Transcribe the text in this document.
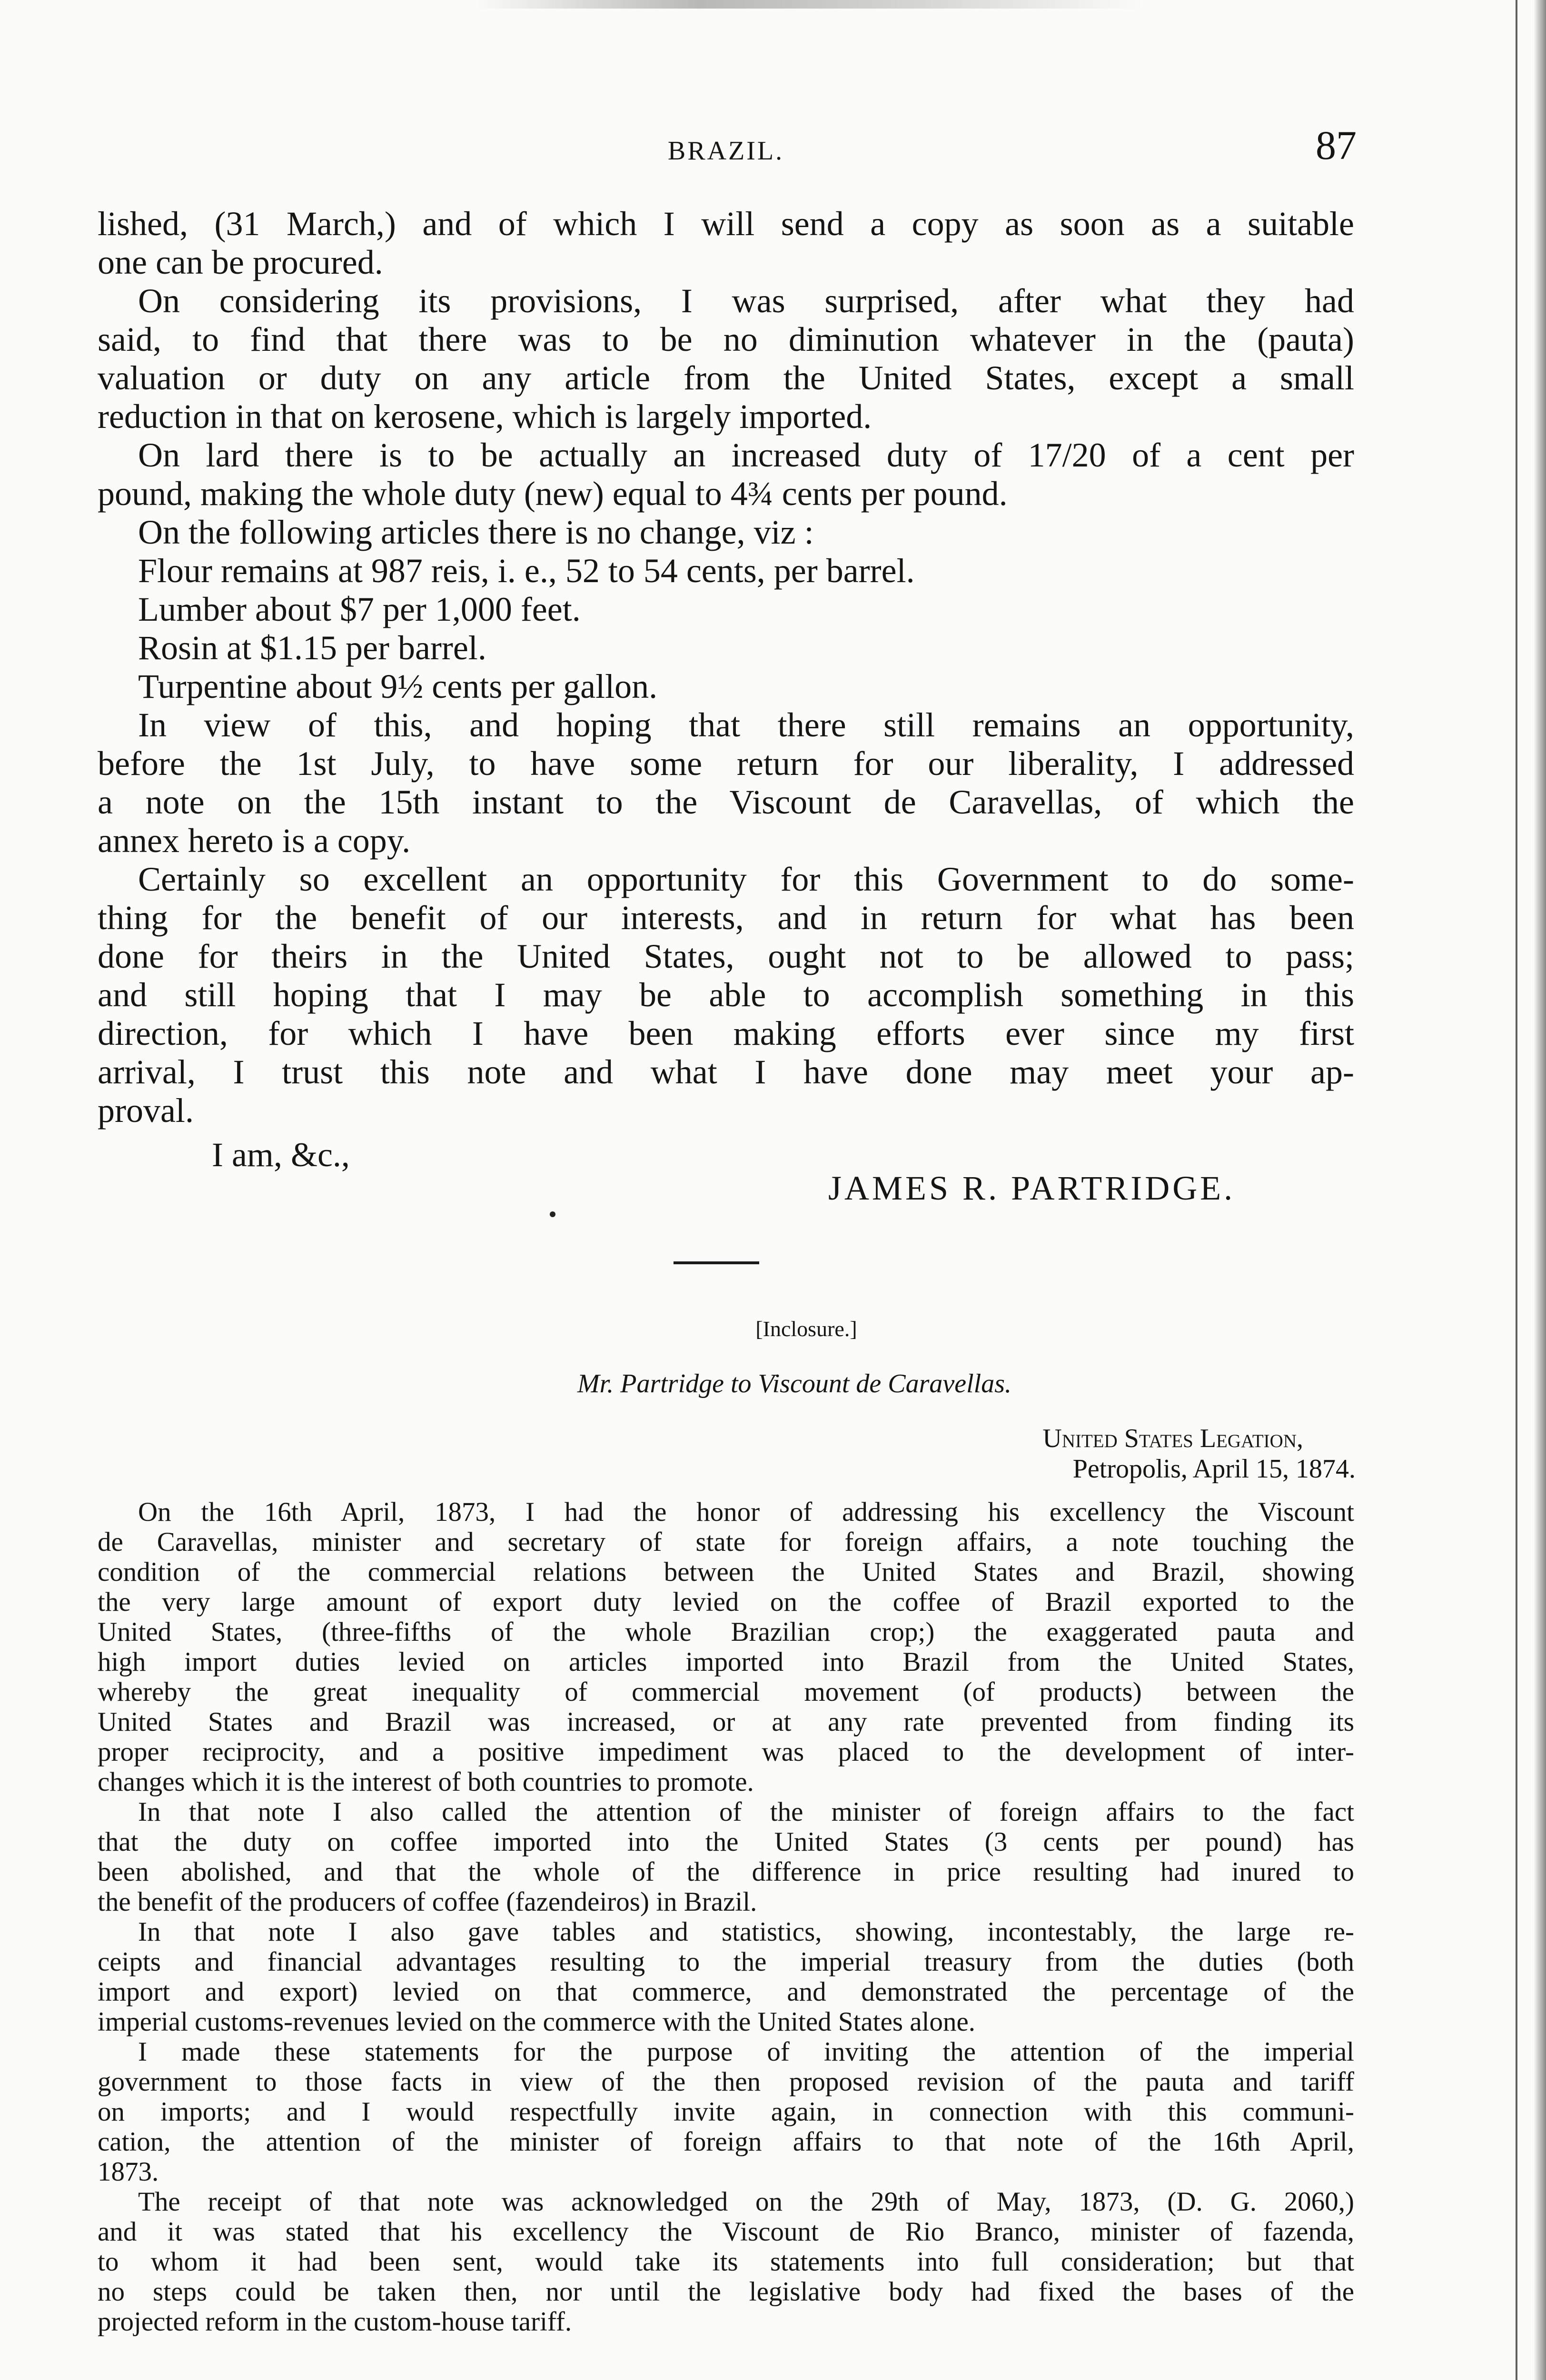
BRAZIL.	87
lished, (31 March,) and of which I will send a copy as soon as a suitable
one can be procured.
On considering its provisions, I was surprised, after what they had
said, to find that there was to be no diminution whatever in the (pauta)
valuation or duty on any article from the United States, except a small
reduction in that on kerosene, which is largely imported.
On lard there is to be actually an increased duty of 17/20 of a cent per
pound, making the whole duty (new) equal to 4¾ cents per pound.
On the following articles there is no change, viz :
Flour remains at 987 reis, i. e., 52 to 54 cents, per barrel.
Lumber about $7 per 1,000 feet.
Rosin at $1.15 per barrel.
Turpentine about 9½ cents per gallon.
In view of this, and hoping that there still remains an opportunity,
before the 1st July, to have some return for our liberality, I addressed
a note on the 15th instant to the Viscount de Caravellas, of which the
annex hereto is a copy.
Certainly so excellent an opportunity for this Government to do some-
thing for the benefit of our interests, and in return for what has been
done for theirs in the United States, ought not to be allowed to pass;
and still hoping that I may be able to accomplish something in this
direction, for which I have been making efforts ever since my first
arrival, I trust this note and what I have done may meet your ap-
proval.
I am, &c.,
JAMES R. PARTRIDGE.
[Inclosure.]
Mr. Partridge to Viscount de Caravellas.
United States Legation,
Petropolis, April 15, 1874.
On the 16th April, 1873, I had the honor of addressing his excellency the Viscount
de Caravellas, minister and secretary of state for foreign affairs, a note touching the
condition of the commercial relations between the United States and Brazil, showing
the very large amount of export duty levied on the coffee of Brazil exported to the
United States, (three-fifths of the whole Brazilian crop;) the exaggerated pauta and
high import duties levied on articles imported into Brazil from the United States,
whereby the great inequality of commercial movement (of products) between the
United States and Brazil was increased, or at any rate prevented from finding its
proper reciprocity, and a positive impediment was placed to the development of inter-
changes which it is the interest of both countries to promote.
In that note I also called the attention of the minister of foreign affairs to the fact
that the duty on coffee imported into the United States (3 cents per pound) has
been abolished, and that the whole of the difference in price resulting had inured to
the benefit of the producers of coffee (fazendeiros) in Brazil.
In that note I also gave tables and statistics, showing, incontestably, the large re-
ceipts and financial advantages resulting to the imperial treasury from the duties (both
import and export) levied on that commerce, and demonstrated the percentage of the
imperial customs-revenues levied on the commerce with the United States alone.
I made these statements for the purpose of inviting the attention of the imperial
government to those facts in view of the then proposed revision of the pauta and tariff
on imports; and I would respectfully invite again, in connection with this communi-
cation, the attention of the minister of foreign affairs to that note of the 16th April,
1873.
The receipt of that note was acknowledged on the 29th of May, 1873, (D. G. 2060,)
and it was stated that his excellency the Viscount de Rio Branco, minister of fazenda,
to whom it had been sent, would take its statements into full consideration; but that
no steps could be taken then, nor until the legislative body had fixed the bases of the
projected reform in the custom-house tariff.
